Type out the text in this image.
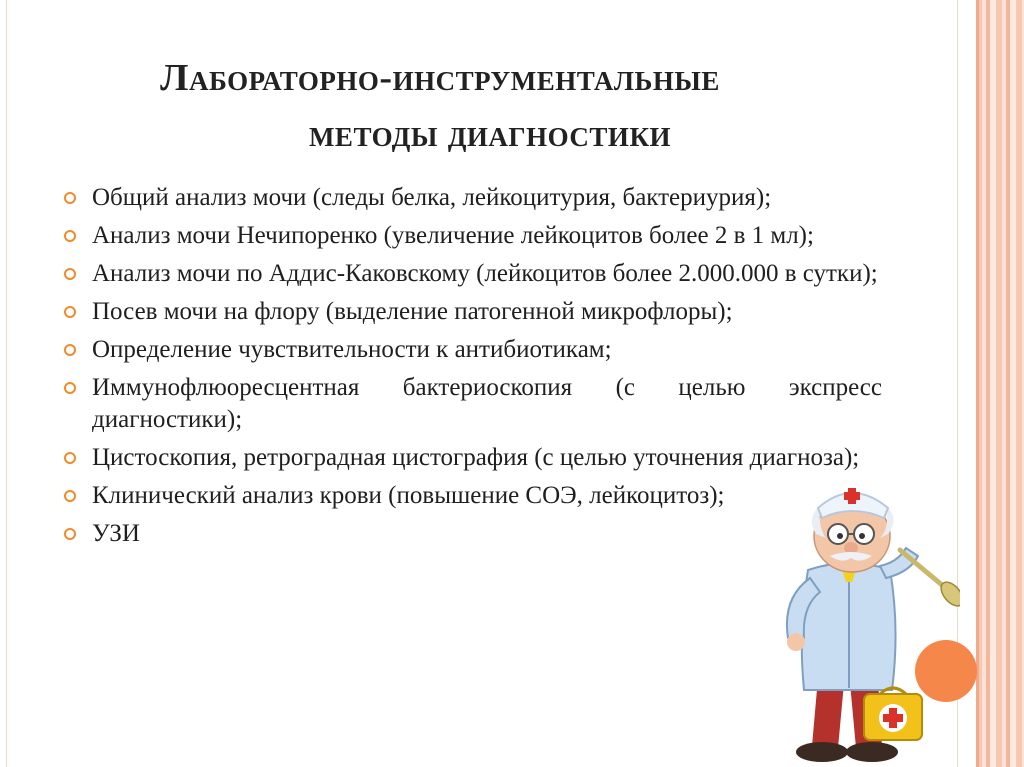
Лабораторно-инструментальные
методы диагностики
Общий анализ мочи (следы белка, лейкоцитурия, бактериурия);
Анализ мочи Нечипоренко (увеличение лейкоцитов более 2 в 1 мл);
Анализ мочи по Аддис-Каковскому (лейкоцитов более 2.000.000 в сутки);
Посев мочи на флору (выделение патогенной микрофлоры);
Определение чувствительности к антибиотикам;
Иммунофлюоресцентная бактериоскопия (с целью экспресс диагностики);
Цистоскопия, ретроградная цистография (с целью уточнения диагноза);
Клинический анализ крови (повышение СОЭ, лейкоцитоз);
УЗИ
